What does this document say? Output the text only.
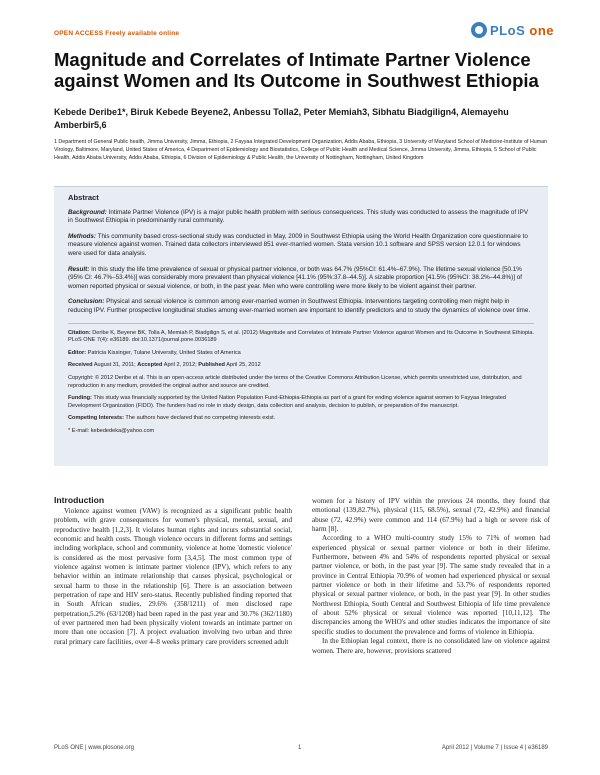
OPEN ACCESS Freely available online	PLoS one
Magnitude and Correlates of Intimate Partner Violence against Women and Its Outcome in Southwest Ethiopia
Kebede Deribe1*, Biruk Kebede Beyene2, Anbessu Tolla2, Peter Memiah3, Sibhatu Biadgilign4, Alemayehu Amberbir5,6
1 Department of General Public health, Jimma University, Jimma, Ethiopia, 2 Fayyaa Integrated Development Organization, Addis Ababa, Ethiopia, 3 University of Maryland School of Medicine-Institute of Human Virology, Baltimore, Maryland, United States of America, 4 Department of Epidemiology and Biostatistics, College of Public Health and Medical Science, Jimma University, Jimma, Ethiopia, 5 School of Public Health, Addis Ababa University, Addis Ababa, Ethiopia, 6 Division of Epidemiology & Public Health, the University of Nottingham, Nottingham, United Kingdom
Abstract

Background: Intimate Partner Violence (IPV) is a major public health problem with serious consequences. This study was conducted to assess the magnitude of IPV in Southwest Ethiopia in predominantly rural community.

Methods: This community based cross-sectional study was conducted in May, 2009 in Southwest Ethiopia using the World Health Organization core questionnaire to measure violence against women. Trained data collectors interviewed 851 ever-married women. Stata version 10.1 software and SPSS version 12.0.1 for windows were used for data analysis.

Result: In this study the life time prevalence of sexual or physical partner violence, or both was 64.7% (95%CI: 61.4%–67.9%). The lifetime sexual violence [50.1% (95% CI: 46.7%–53.4%)] was considerably more prevalent than physical violence [41.1% (95%:37.8–44.5)]. A sizable proportion [41.5% (95%CI: 38.2%–44.8%)] of women reported physical or sexual violence, or both, in the past year. Men who were controlling were more likely to be violent against their partner.

Conclusion: Physical and sexual violence is common among ever-married women in Southwest Ethiopia. Interventions targeting controlling men might help in reducing IPV. Further prospective longitudinal studies among ever-married women are important to identify predictors and to study the dynamics of violence over time.

Citation: Deribe K, Beyene BK, Tolla A, Memiah P, Biadgilign S, et al. (2012) Magnitude and Correlates of Intimate Partner Violence against Women and Its Outcome in Southwest Ethiopia. PLoS ONE 7(4): e36189. doi:10.1371/journal.pone.0036189

Editor: Patricia Kissinger, Tulane University, United States of America

Received August 31, 2011; Accepted April 2, 2012; Published April 25, 2012

Copyright: © 2012 Deribe et al. This is an open-access article distributed under the terms of the Creative Commons Attribution License, which permits unrestricted use, distribution, and reproduction in any medium, provided the original author and source are credited.

Funding: This study was financially supported by the United Nation Population Fund-Ethiopia-Ethiopia as part of a grant for ending violence against women to Fayyaa Integrated Development Organization (FIDO). The funders had no role in study design, data collection and analysis, decision to publish, or preparation of the manuscript.

Competing Interests: The authors have declared that no competing interests exist.

* E-mail: kebededeka@yahoo.com

Introduction

Violence against women (VAW) is recognized as a significant public health problem, with grave consequences for women's physical, mental, sexual, and reproductive health [1,2,3]. It violates human rights and incurs substantial social, economic and health costs. Though violence occurs in different forms and settings including workplace, school and community, violence at home 'domestic violence' is considered as the most pervasive form [3,4,5]. The most common type of violence against women is intimate partner violence (IPV), which refers to any behavior within an intimate relationship that causes physical, psychological or sexual harm to those in the relationship [6]. There is an association between perpetration of rape and HIV sero-status. Recently published finding reported that in South African studies, 29.6% (358/1211) of men disclosed rape perpetration,5.2% (63/1208) had been raped in the past year and 30.7% (362/1180) of ever partnered men had been physically violent towards an intimate partner on more than one occasion [7]. A project evaluation involving two urban and three rural primary care facilities, over 4–8 weeks primary care providers screened adult

women for a history of IPV within the previous 24 months, they found that emotional (139,82.7%), physical (115, 68.5%), sexual (72, 42.9%) and financial abuse (72, 42.9%) were common and 114 (67.9%) had a high or severe risk of harm [8].

According to a WHO multi-country study 15% to 71% of women had experienced physical or sexual partner violence or both in their lifetime. Furthermore, between 4% and 54% of respondents reported physical or sexual partner violence, or both, in the past year [9]. The same study revealed that in a province in Central Ethiopia 70.9% of women had experienced physical or sexual partner violence or both in their lifetime and 53.7% of respondents reported physical or sexual partner violence, or both, in the past year [9]. In other studies Northwest Ethiopia, South Central and Southwest Ethiopia of life time prevalence of about 52% physical or sexual violence was reported [10,11,12]. The discrepancies among the WHO's and other studies indicates the importance of site specific studies to document the prevalence and forms of violence in Ethiopia.

In the Ethiopian legal context, there is no consolidated law on violence against women. There are, however, provisions scattered

PLoS ONE | www.plosone.org	1	April 2012 | Volume 7 | Issue 4 | e36189
